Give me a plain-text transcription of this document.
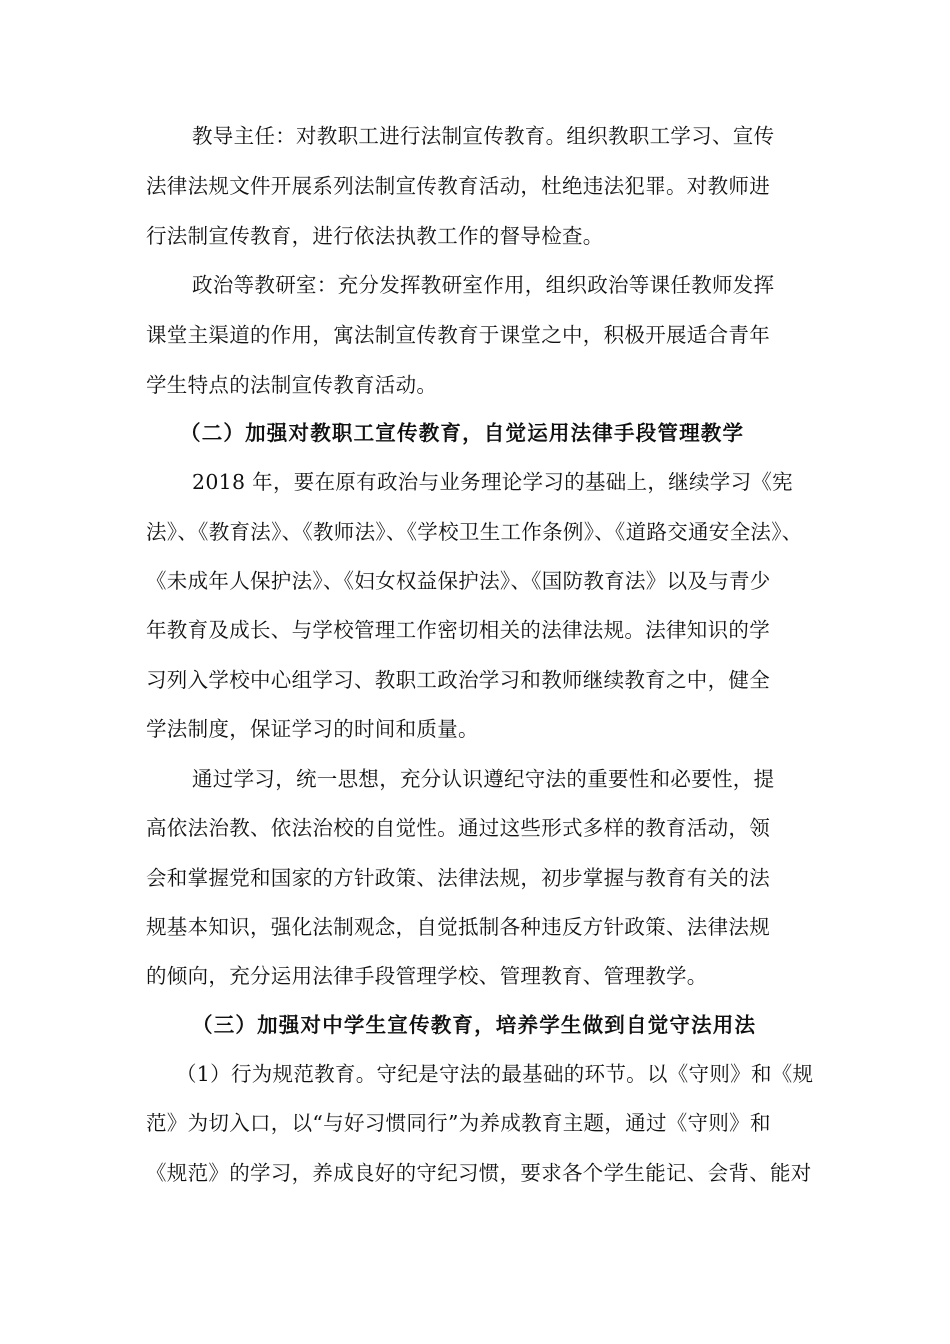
教导主任：对教职工进行法制宣传教育。组织教职工学习、宣传
法律法规文件开展系列法制宣传教育活动，杜绝违法犯罪。对教师进
行法制宣传教育，进行依法执教工作的督导检查。
政治等教研室：充分发挥教研室作用，组织政治等课任教师发挥
课堂主渠道的作用，寓法制宣传教育于课堂之中，积极开展适合青年
学生特点的法制宣传教育活动。
（二）加强对教职工宣传教育，自觉运用法律手段管理教学
2018 年，要在原有政治与业务理论学习的基础上，继续学习《宪
法》、《教育法》、《教师法》、《学校卫生工作条例》、《道路交通安全法》、
《未成年人保护法》、《妇女权益保护法》、《国防教育法》以及与青少
年教育及成长、与学校管理工作密切相关的法律法规。法律知识的学
习列入学校中心组学习、教职工政治学习和教师继续教育之中，健全
学法制度，保证学习的时间和质量。
通过学习，统一思想，充分认识遵纪守法的重要性和必要性，提
高依法治教、依法治校的自觉性。通过这些形式多样的教育活动，领
会和掌握党和国家的方针政策、法律法规，初步掌握与教育有关的法
规基本知识，强化法制观念，自觉抵制各种违反方针政策、法律法规
的倾向，充分运用法律手段管理学校、管理教育、管理教学。
（三）加强对中学生宣传教育，培养学生做到自觉守法用法
（1）行为规范教育。守纪是守法的最基础的环节。以《守则》和《规
范》为切入口，以“与好习惯同行”为养成教育主题，通过《守则》和
《规范》的学习，养成良好的守纪习惯，要求各个学生能记、会背、能对
